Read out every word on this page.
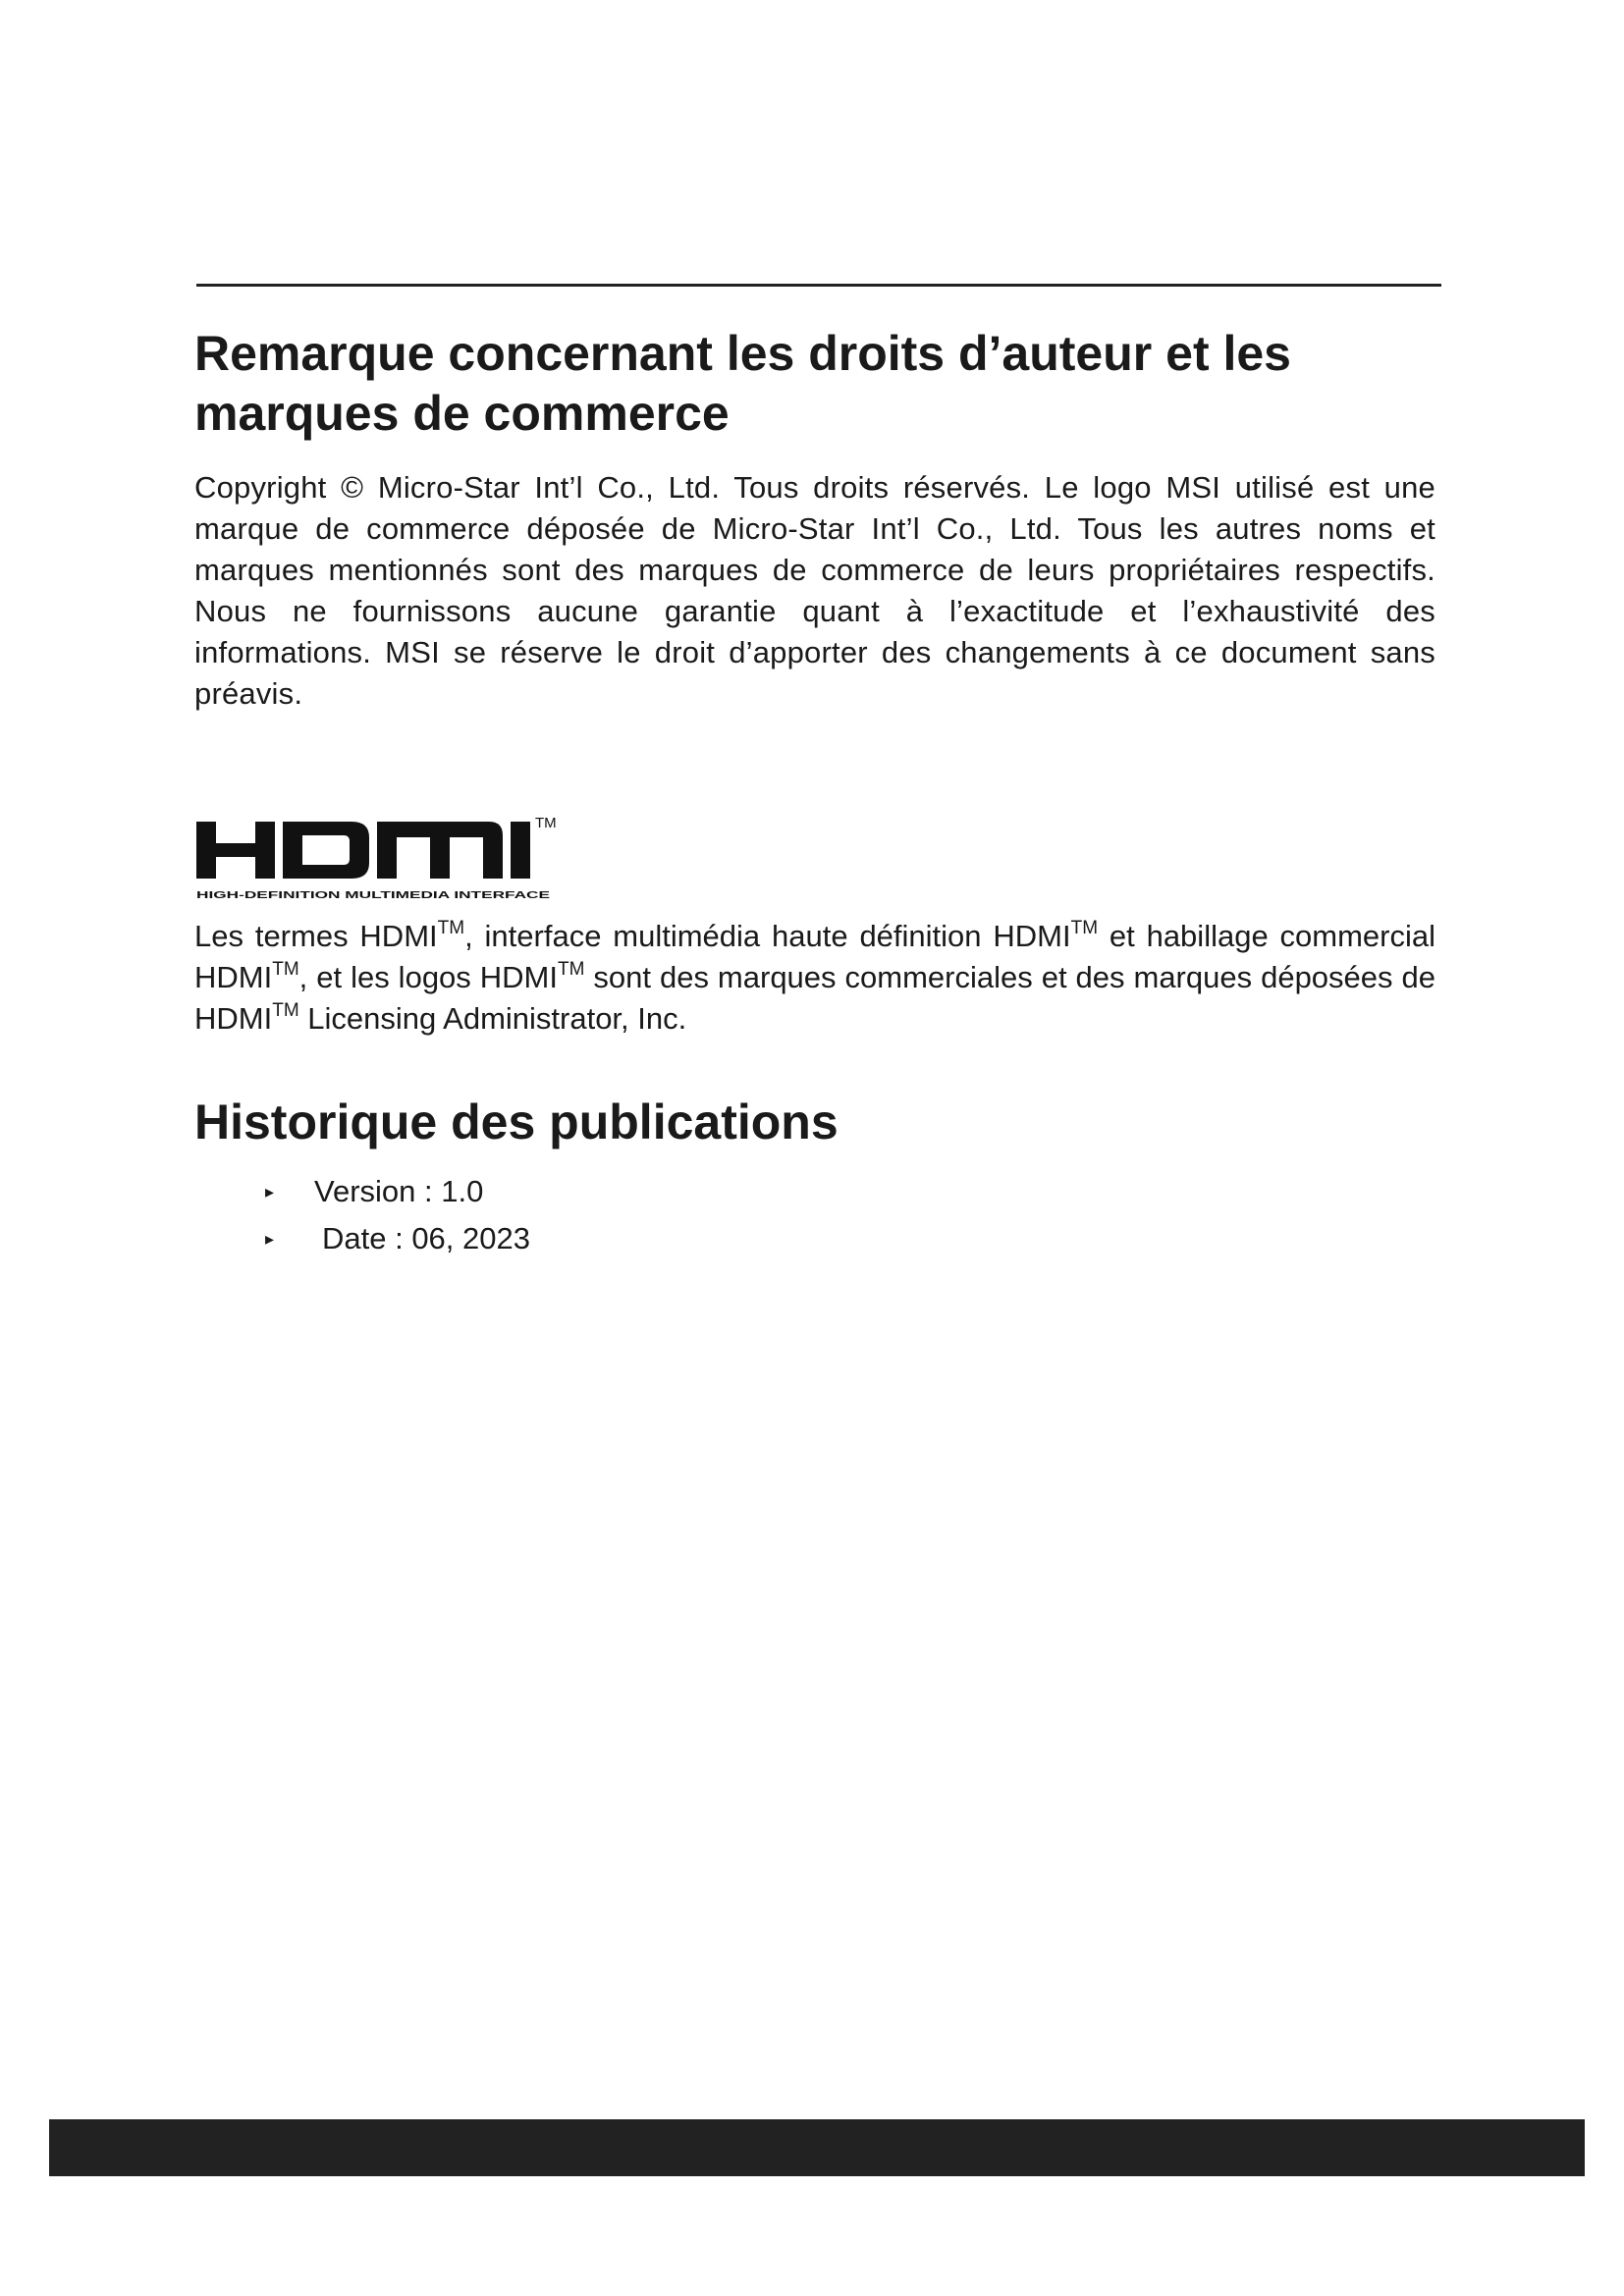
Remarque concernant les droits d’auteur et les marques de commerce

Copyright © Micro-Star Int’l Co., Ltd. Tous droits réservés. Le logo MSI utilisé est une marque de commerce déposée de Micro-Star Int’l Co., Ltd. Tous les autres noms et marques mentionnés sont des marques de commerce de leurs propriétaires respectifs. Nous ne fournissons aucune garantie quant à l’exactitude et l’exhaustivité des informations. MSI se réserve le droit d’apporter des changements à ce document sans préavis.

TM
HIGH-DEFINITION MULTIMEDIA INTERFACE

Les termes HDMI™, interface multimédia haute définition HDMI™ et habillage commercial HDMI™, et les logos HDMI™ sont des marques commerciales et des marques déposées de HDMI™ Licensing Administrator, Inc.

Historique des publications
▸ Version : 1.0
▸ Date : 06, 2023
